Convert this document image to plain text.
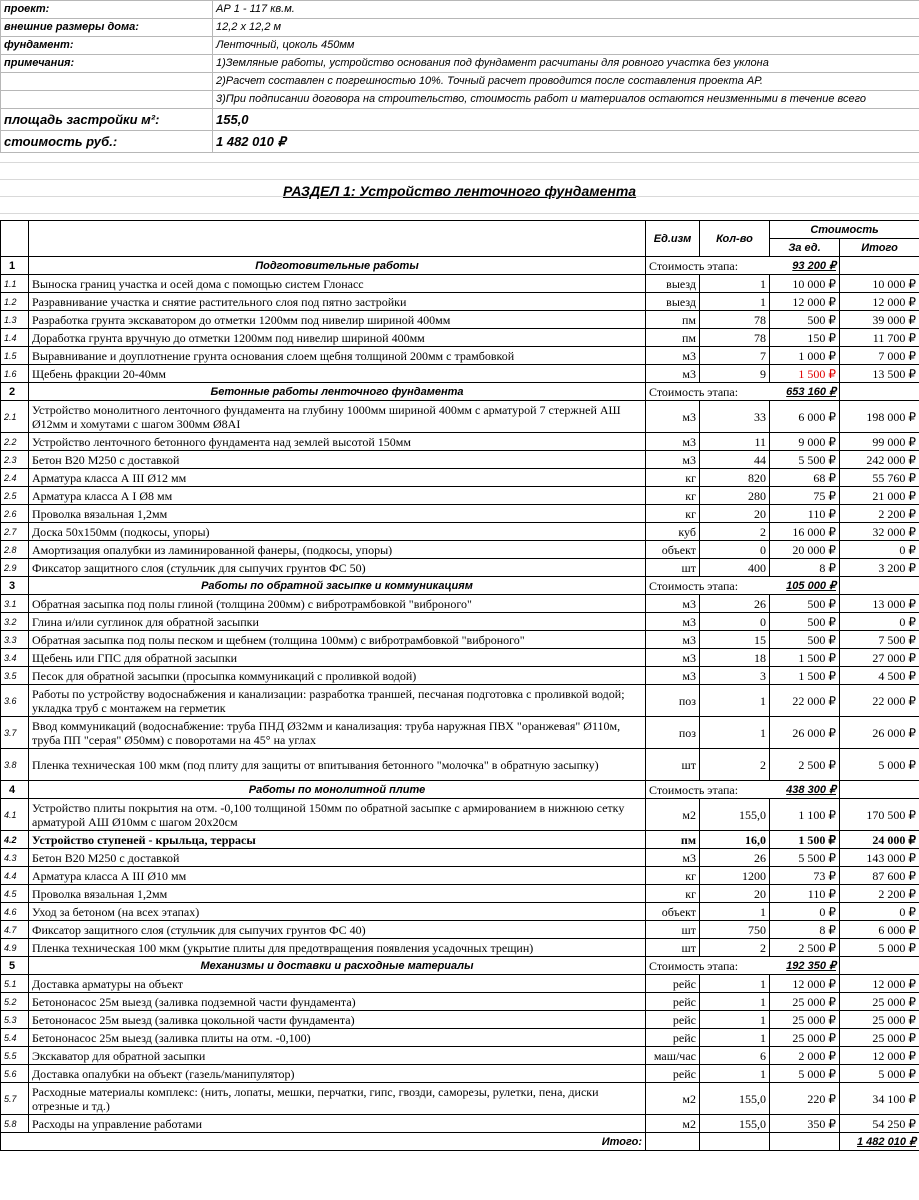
проект:	АР 1 - 117 кв.м.
внешние размеры дома:	12,2 х 12,2 м
фундамент:	Ленточный, цоколь 450мм
примечания:	1)Земляные работы, устройство основания под фундамент расчитаны для ровного участка без уклона
	2)Расчет составлен с погрешностью 10%. Точный расчет проводится после составления проекта АР.
	3)При подписании договора на строительство, стоимость работ и материалов остаются неизменными в течение всего
площадь застройки м²:	155,0
стоимость руб.:	1 482 010 ₽
РАЗДЕЛ 1: Устройство ленточного фундамента
		Ед.изм	Кол-во	Стоимость	
				За ед.	Итого
1	Подготовительные работы	Стоимость этапа:		93 200 ₽	
1.1	Выноска границ участка и осей дома с помощью систем Глонасс	выезд	1	10 000 ₽	10 000 ₽
1.2	Разравнивание участка и снятие растительного слоя под пятно застройки	выезд	1	12 000 ₽	12 000 ₽
1.3	Разработка грунта экскаватором до отметки 1200мм под нивелир шириной 400мм	пм	78	500 ₽	39 000 ₽
1.4	Доработка грунта вручную до отметки 1200мм под нивелир шириной 400мм	пм	78	150 ₽	11 700 ₽
1.5	Выравнивание и доуплотнение грунта основания слоем щебня толщиной 200мм с трамбовкой	м3	7	1 000 ₽	7 000 ₽
1.6	Щебень фракции 20-40мм	м3	9	1 500 ₽	13 500 ₽
2	Бетонные работы ленточного фундамента	Стоимость этапа:		653 160 ₽	
2.1	Устройство монолитного ленточного фундамента на глубину 1000мм шириной 400мм с арматурой 7 стержней АШ Ø12мм и хомутами с шагом 300мм Ø8АI	м3	33	6 000 ₽	198 000 ₽
2.2	Устройство ленточного бетонного фундамента над землей высотой 150мм	м3	11	9 000 ₽	99 000 ₽
2.3	Бетон В20 М250 с доставкой	м3	44	5 500 ₽	242 000 ₽
2.4	Арматура класса А III Ø12 мм	кг	820	68 ₽	55 760 ₽
2.5	Арматура класса А I Ø8 мм	кг	280	75 ₽	21 000 ₽
2.6	Проволка вязальная 1,2мм	кг	20	110 ₽	2 200 ₽
2.7	Доска 50х150мм (подкосы, упоры)	куб	2	16 000 ₽	32 000 ₽
2.8	Амортизация опалубки из ламинированной фанеры, (подкосы, упоры)	объект	0	20 000 ₽	0 ₽
2.9	Фиксатор защитного слоя (стульчик для сыпучих грунтов ФС 50)	шт	400	8 ₽	3 200 ₽
3	Работы по обратной засыпке и коммуникациям	Стоимость этапа:		105 000 ₽	
3.1	Обратная засыпка под полы глиной (толщина 200мм) с вибротрамбовкой "виброного"	м3	26	500 ₽	13 000 ₽
3.2	Глина и/или суглинок для обратной засыпки	м3	0	500 ₽	0 ₽
3.3	Обратная засыпка под полы песком и щебнем (толщина 100мм) с вибротрамбовкой "виброного"	м3	15	500 ₽	7 500 ₽
3.4	Щебень или ГПС для обратной засыпки	м3	18	1 500 ₽	27 000 ₽
3.5	Песок для обратной засыпки (просыпка коммуникаций с проливкой водой)	м3	3	1 500 ₽	4 500 ₽
3.6	Работы по устройству водоснабжения и канализации: разработка траншей, песчаная подготовка с проливкой водой; укладка труб с монтажем на герметик	поз	1	22 000 ₽	22 000 ₽
3.7	Ввод коммуникаций (водоснабжение: труба ПНД Ø32мм и канализация: труба наружная ПВХ "оранжевая" Ø110м, труба ПП "серая" Ø50мм) с поворотами на 45° на углах	поз	1	26 000 ₽	26 000 ₽
3.8	Пленка техническая 100 мкм (под плиту для защиты от впитывания бетонного "молочка" в обратную засыпку)	шт	2	2 500 ₽	5 000 ₽
4	Работы по монолитной плите	Стоимость этапа:		438 300 ₽	
4.1	Устройство плиты покрытия на отм. -0,100 толщиной 150мм по обратной засыпке с армированием в нижнюю сетку арматурой АШ Ø10мм с шагом 20х20см	м2	155,0	1 100 ₽	170 500 ₽
4.2	Устройство ступеней - крыльца, террасы	пм	16,0	1 500 ₽	24 000 ₽
4.3	Бетон В20 М250 с доставкой	м3	26	5 500 ₽	143 000 ₽
4.4	Арматура класса А III Ø10 мм	кг	1200	73 ₽	87 600 ₽
4.5	Проволка вязальная 1,2мм	кг	20	110 ₽	2 200 ₽
4.6	Уход за бетоном (на всех этапах)	объект	1	0 ₽	0 ₽
4.7	Фиксатор защитного слоя (стульчик для сыпучих грунтов ФС 40)	шт	750	8 ₽	6 000 ₽
4.9	Пленка техническая 100 мкм (укрытие плиты для предотвращения появления усадочных трещин)	шт	2	2 500 ₽	5 000 ₽
5	Механизмы и доставки и расходные материалы	Стоимость этапа:		192 350 ₽	
5.1	Доставка арматуры на объект	рейс	1	12 000 ₽	12 000 ₽
5.2	Бетононасос 25м выезд (заливка подземной части фундамента)	рейс	1	25 000 ₽	25 000 ₽
5.3	Бетононасос 25м выезд (заливка цокольной части фундамента)	рейс	1	25 000 ₽	25 000 ₽
5.4	Бетононасос 25м выезд (заливка плиты на отм. -0,100)	рейс	1	25 000 ₽	25 000 ₽
5.5	Экскаватор для обратной засыпки	маш/час	6	2 000 ₽	12 000 ₽
5.6	Доставка опалубки на объект (газель/манипулятор)	рейс	1	5 000 ₽	5 000 ₽
5.7	Расходные материалы комплекс: (нить, лопаты, мешки, перчатки, гипс, гвозди, саморезы, рулетки, пена, диски отрезные и тд.)	м2	155,0	220 ₽	34 100 ₽
5.8	Расходы на управление работами	м2	155,0	350 ₽	54 250 ₽
Итого:					1 482 010 ₽
